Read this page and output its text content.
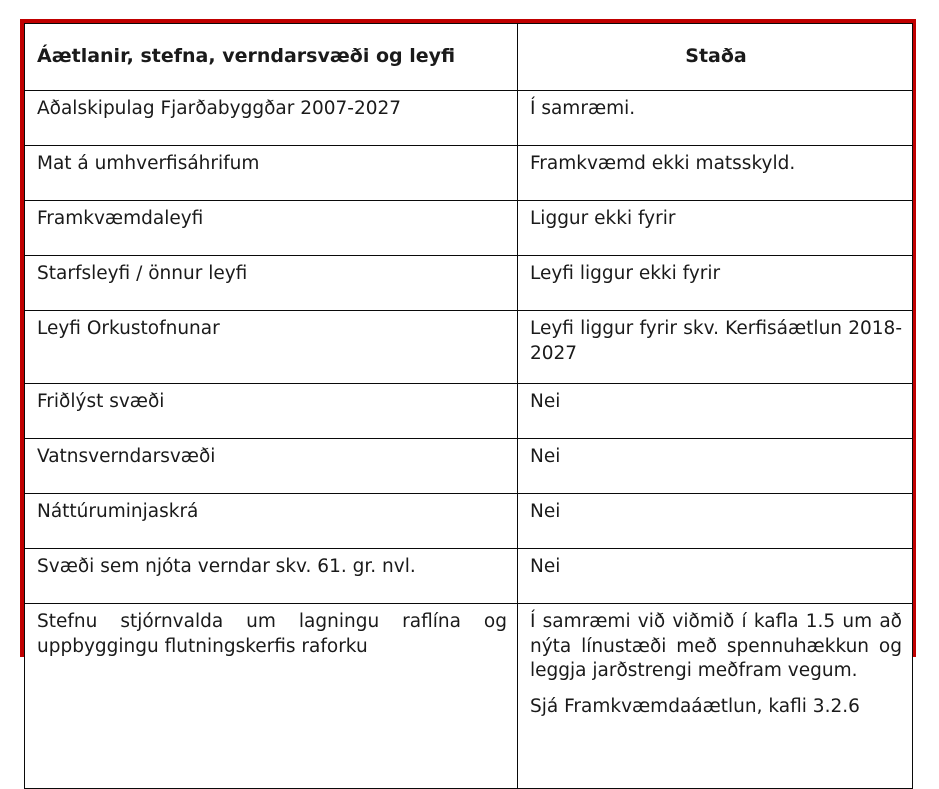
Áætlanir, stefna, verndarsvæði og leyfi	Staða
Aðalskipulag Fjarðabyggðar 2007-2027	Í samræmi.
Mat á umhverfisáhrifum	Framkvæmd ekki matsskyld.
Framkvæmdaleyfi	Liggur ekki fyrir
Starfsleyfi / önnur leyfi	Leyfi liggur ekki fyrir
Leyfi Orkustofnunar	Leyfi liggur fyrir skv. Kerfisáætlun 2018-2027
Friðlýst svæði	Nei
Vatnsverndarsvæði	Nei
Náttúruminjaskrá	Nei
Svæði sem njóta verndar skv. 61. gr. nvl.	Nei
Stefnu stjórnvalda um lagningu raflína og uppbyggingu flutningskerfis raforku	Í samræmi við viðmið í kafla 1.5 um að nýta línustæði með spennuhækkun og leggja jarðstrengi meðfram vegum.

Sjá Framkvæmdaáætlun, kafli 3.2.6
